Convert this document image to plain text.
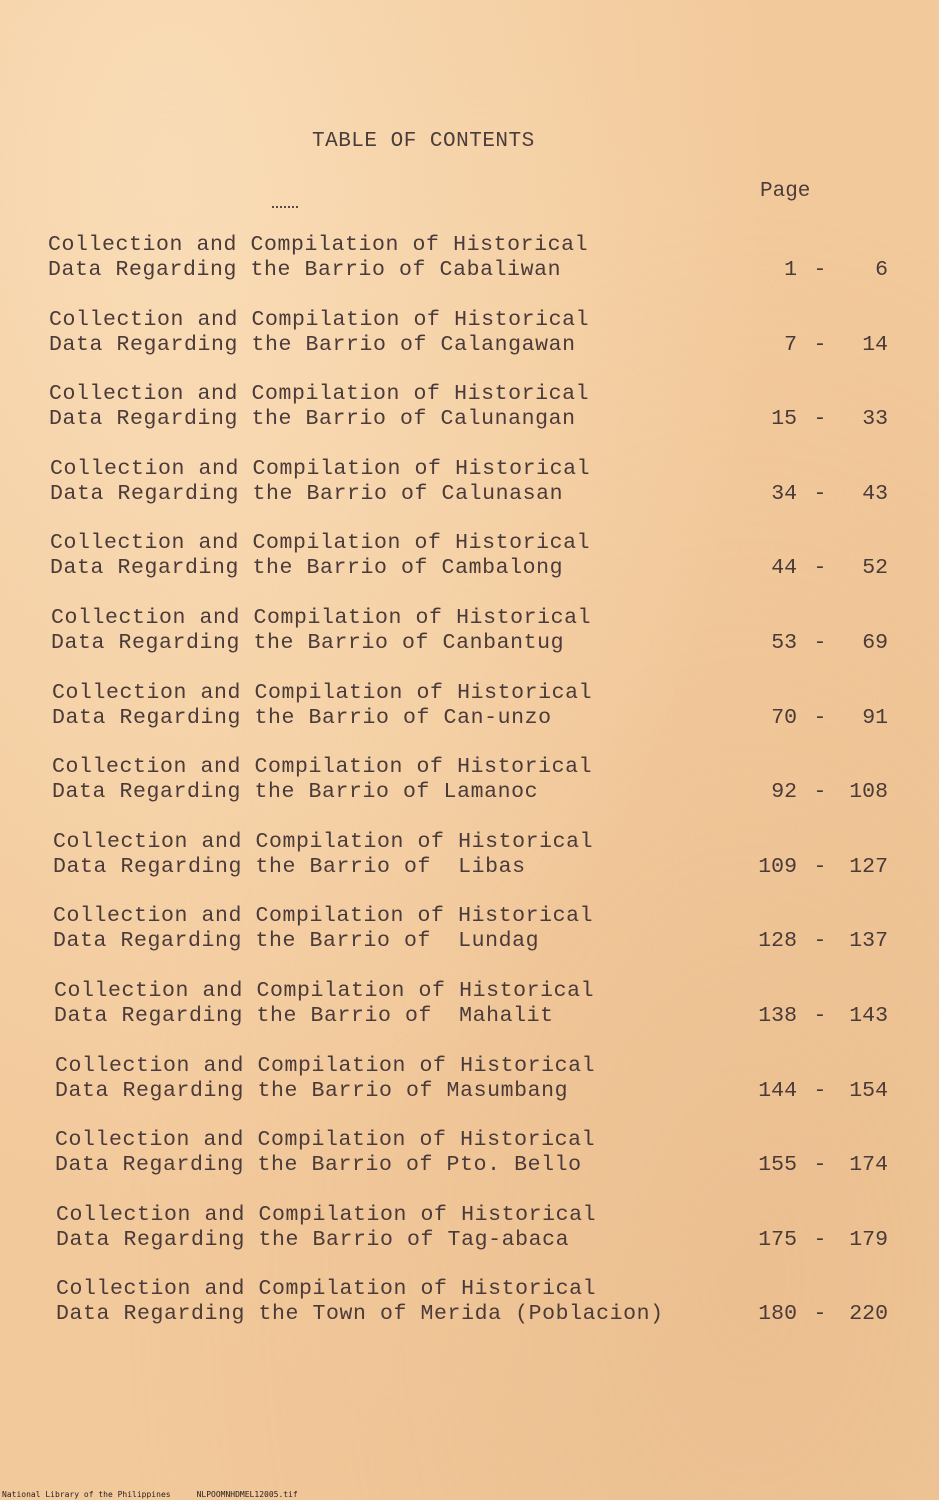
TABLE OF CONTENTS
Page
Collection and Compilation of Historical
Data Regarding the Barrio of Cabaliwan	1 -	6
Collection and Compilation of Historical
Data Regarding the Barrio of Calangawan	7 -	14
Collection and Compilation of Historical
Data Regarding the Barrio of Calunangan	15 -	33
Collection and Compilation of Historical
Data Regarding the Barrio of Calunasan	34 -	43
Collection and Compilation of Historical
Data Regarding the Barrio of Cambalong	44 -	52
Collection and Compilation of Historical
Data Regarding the Barrio of Canbantug	53 -	69
Collection and Compilation of Historical
Data Regarding the Barrio of Can-unzo	70 -	91
Collection and Compilation of Historical
Data Regarding the Barrio of Lamanoc	92 -	108
Collection and Compilation of Historical
Data Regarding the Barrio of  Libas	109 -	127
Collection and Compilation of Historical
Data Regarding the Barrio of  Lundag	128 -	137
Collection and Compilation of Historical
Data Regarding the Barrio of  Mahalit	138 -	143
Collection and Compilation of Historical
Data Regarding the Barrio of Masumbang	144 -	154
Collection and Compilation of Historical
Data Regarding the Barrio of Pto. Bello	155 -	174
Collection and Compilation of Historical
Data Regarding the Barrio of Tag-abaca	175 -	179
Collection and Compilation of Historical
Data Regarding the Town of Merida (Poblacion)	180 -	220
National Library of the Philippines	NLPOOMNHDMEL12005.tif
